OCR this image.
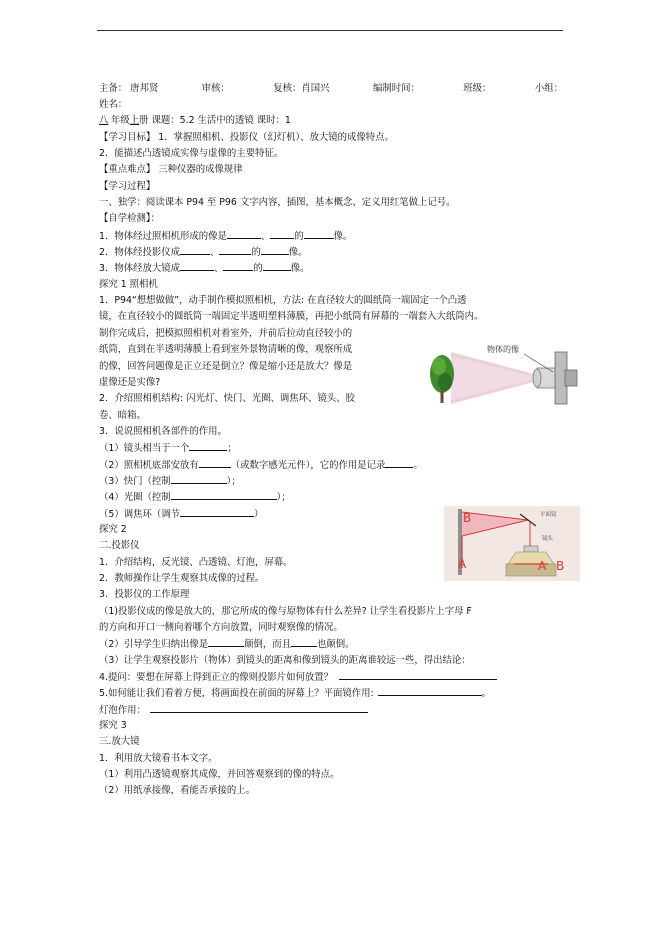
主备： 唐邦贤	审核：	复核：肖国兴	编制时间：	班级：	小组：
姓名：
八 年级上册 课题：5.2 生活中的透镜 课时：1
【学习目标】 1．掌握照相机、投影仪（幻灯机）、放大镜的成像特点。
2．能描述凸透镜成实像与虚像的主要特征。
【重点难点】 三种仪器的成像规律
【学习过程】
一、独学：阅读课本 P94 至 P96 文字内容，插图，基本概念、定义用红笔做上记号。
【自学检测】：
1．物体经过照相机形成的像是	、	的	像。
2．物体经投影仪成	、	的	像。
3．物体经放大镜成	、	的	像。
探究 1 照相机
1．P94“想想做做”，动手制作模拟照相机，方法: 在直径较大的圆纸筒一端固定一个凸透
镜，在直径较小的圆纸筒一端固定半透明塑料薄膜，再把小纸筒有屏幕的一端套入大纸筒内。
制作完成后，把模拟照相机对着室外，并前后拉动直径较小的
纸筒，直到在半透明薄膜上看到室外景物清晰的像，观察所成
的像，回答问题像是正立还是倒立？像是缩小还是放大？像是
虚像还是实像?
2．介绍照相机结构: 闪光灯、快门、光圈、调焦环、镜头、胶
卷、暗箱。
3．说说照相机各部件的作用。
（1）镜头相当于一个	；
（2）照相机底部安放有	（或数字感光元件），它的作用是记录	。
（3）快门（控制	）；
（4）光圈（控制	）；
（5）调焦环（调节	）
探究 2
二.投影仪
1．介绍结构，反光镜、凸透镜、灯泡，屏幕。
2．教师操作让学生观察其成像的过程。
3．投影仪的工作原理
（1)投影仪成的像是放大的，那它所成的像与原物体有什么差异? 让学生看投影片上字母 F
的方向和开口一侧向着哪个方向放置，同时观察像的情况。
（2）引导学生归纳出像是	颠倒，而且	也颠倒。
（3）让学生观察投影片（物体）到镜头的距离和像到镜头的距离谁较远一些，得出结论：
4.提问：要想在屏幕上得到正立的像则投影片如何放置？
5.如何能让我们看着方便，将画面投在前面的屏幕上？平面镜作用:	。
灯泡作用：
探究 3
三.放大镜
1．利用放大镜看书本文字。
（1）利用凸透镜观察其成像，并回答观察到的像的特点。
（2）用纸承接像，看能否承接的上。
物体的像
平面镜
镜头
B
A	A B
